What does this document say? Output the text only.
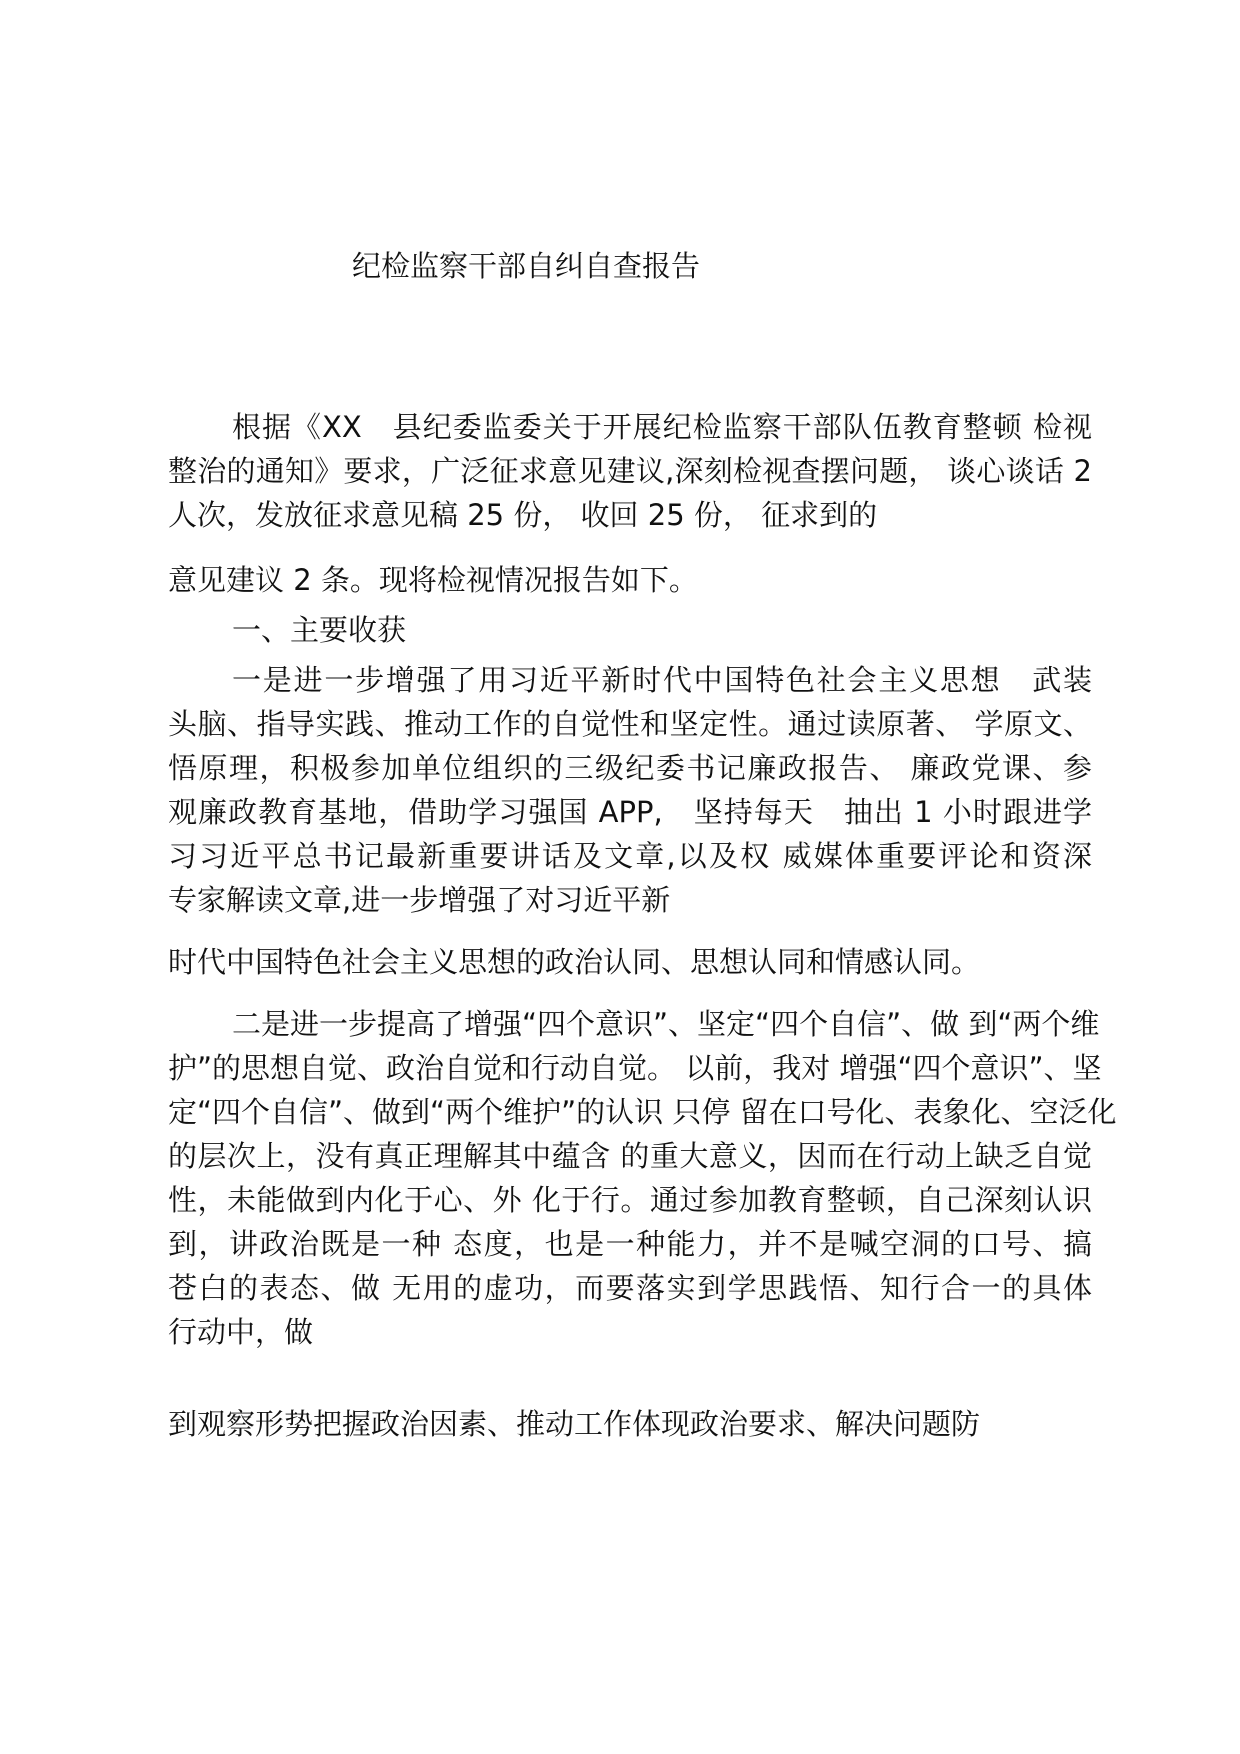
纪检监察干部自纠自查报告
根据《XX　县纪委监委关于开展纪检监察干部队伍教育整顿 检视
整治的通知》要求，广泛征求意见建议,深刻检视查摆问题， 谈心谈话 2
人次，发放征求意见稿 25 份， 收回 25 份， 征求到的
意见建议 2 条。现将检视情况报告如下。
一、主要收获
一是进一步增强了用习近平新时代中国特色社会主义思想　武装
头脑、指导实践、推动工作的自觉性和坚定性。通过读原著、 学原文、
悟原理，积极参加单位组织的三级纪委书记廉政报告、 廉政党课、参
观廉政教育基地，借助学习强国 APP,　坚持每天　抽出 1 小时跟进学
习习近平总书记最新重要讲话及文章,以及权 威媒体重要评论和资深
专家解读文章,进一步增强了对习近平新
时代中国特色社会主义思想的政治认同、思想认同和情感认同。
二是进一步提高了增强“四个意识”、坚定“四个自信”、做 到“两个维
护”的思想自觉、政治自觉和行动自觉。 以前，我对 增强“四个意识”、坚
定“四个自信”、做到“两个维护”的认识 只停 留在口号化、表象化、空泛化
的层次上，没有真正理解其中蕴含 的重大意义，因而在行动上缺乏自觉
性，未能做到内化于心、外 化于行。通过参加教育整顿，自己深刻认识
到，讲政治既是一种 态度，也是一种能力，并不是喊空洞的口号、搞
苍白的表态、做 无用的虚功，而要落实到学思践悟、知行合一的具体
行动中，做
到观察形势把握政治因素、推动工作体现政治要求、解决问题防
